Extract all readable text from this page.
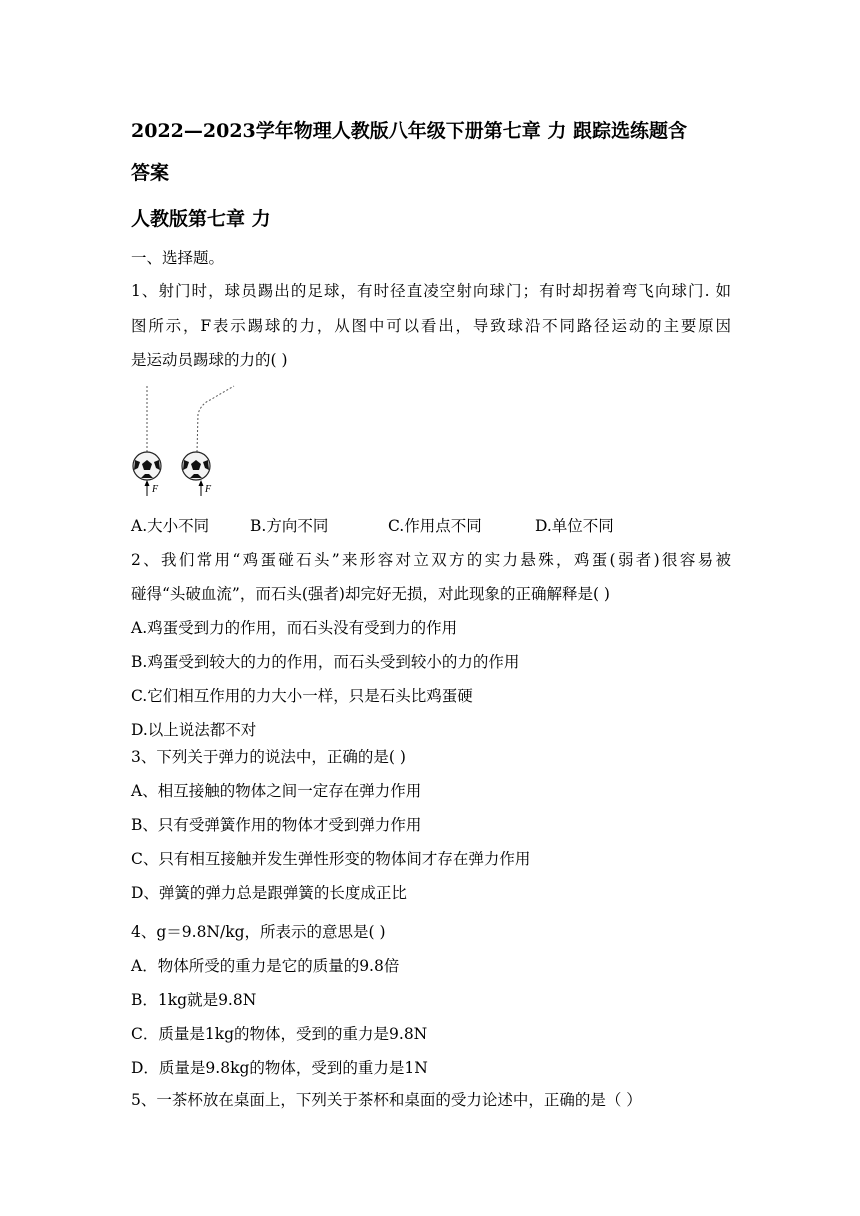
2022—2023学年物理人教版八年级下册第七章 力 跟踪选练题含
答案
人教版第七章 力
一、选择题。
1、射门时，球员踢出的足球，有时径直凌空射向球门；有时却拐着弯飞向球门. 如
图所示，F表示踢球的力，从图中可以看出，导致球沿不同路径运动的主要原因
是运动员踢球的力的( )
F	F
A.大小不同	B.方向不同	C.作用点不同	D.单位不同
2、我们常用“鸡蛋碰石头”来形容对立双方的实力悬殊，鸡蛋(弱者)很容易被
碰得“头破血流”，而石头(强者)却完好无损，对此现象的正确解释是( )
A.鸡蛋受到力的作用，而石头没有受到力的作用
B.鸡蛋受到较大的力的作用，而石头受到较小的力的作用
C.它们相互作用的力大小一样，只是石头比鸡蛋硬
D.以上说法都不对
3、下列关于弹力的说法中，正确的是( )
A、相互接触的物体之间一定存在弹力作用
B、只有受弹簧作用的物体才受到弹力作用
C、只有相互接触并发生弹性形变的物体间才存在弹力作用
D、弹簧的弹力总是跟弹簧的长度成正比
4、g＝9.8N/kg，所表示的意思是( )
A．物体所受的重力是它的质量的9.8倍
B．1kg就是9.8N
C．质量是1kg的物体，受到的重力是9.8N
D．质量是9.8kg的物体，受到的重力是1N
5、一茶杯放在桌面上，下列关于茶杯和桌面的受力论述中，正确的是（ ）
